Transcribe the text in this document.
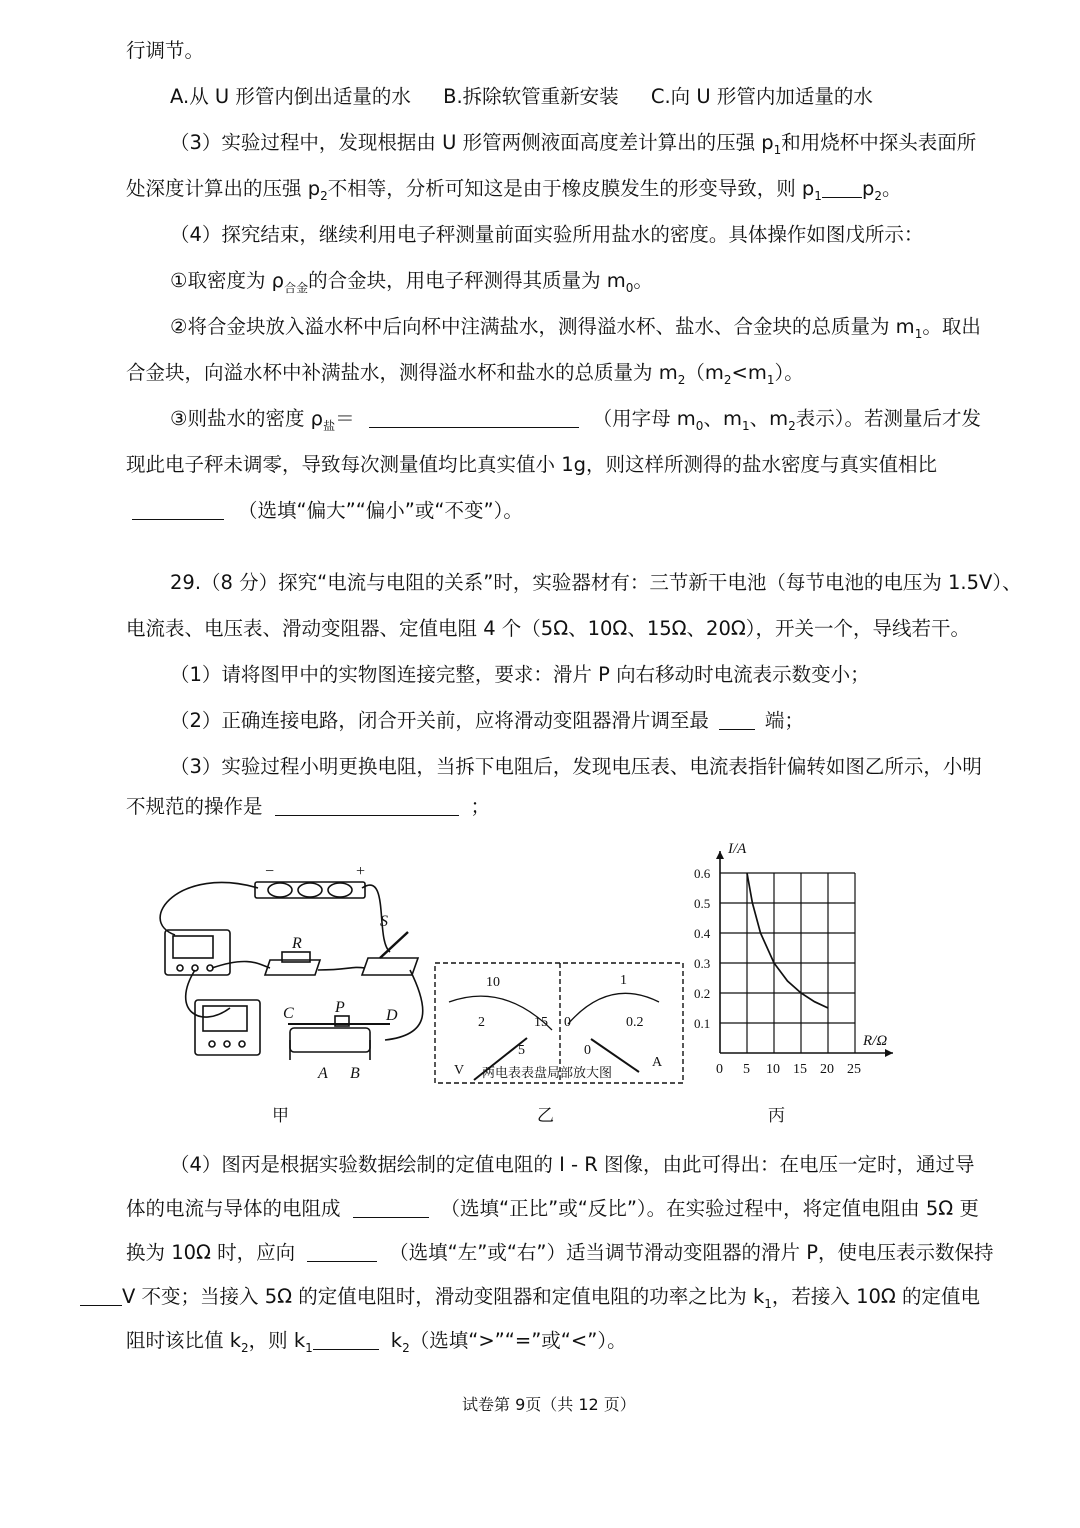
行调节。
A.从 U 形管内倒出适量的水 B.拆除软管重新安装 C.向 U 形管内加适量的水
（3）实验过程中，发现根据由 U 形管两侧液面高度差计算出的压强 $p_1$和用烧杯中探头表面所
处深度计算出的压强 $p_2$不相等，分析可知这是由于橡皮膜发生的形变导致，则 $p_1$ $p_2$。
（4）探究结束，继续利用电子秤测量前面实验所用盐水的密度。具体操作如图戊所示：
①取密度为 $\rho_{合金}$的合金块，用电子秤测得其质量为 $m_0$。
②将合金块放入溢水杯中后向杯中注满盐水，测得溢水杯、盐水、合金块的总质量为 $m_1$。取出
合金块，向溢水杯中补满盐水，测得溢水杯和盐水的总质量为 $m_2(m_2<m_1)$。
③则盐水的密度 $\rho_盐=$	（用字母 $m_0$、$m_1$、$m_2$表示）。若测量后才发
现此电子秤未调零，导致每次测量值均比真实值小 1g，则这样所测得的盐水密度与真实值相比
（选填“偏大”“偏小”或“不变”）。
29.（8 分）探究“电流与电阻的关系”时，实验器材有：三节新干电池（每节电池的电压为 1.5V）、
电流表、电压表、滑动变阻器、定值电阻 4 个（5Ω、10Ω、15Ω、20Ω），开关一个，导线若干。
（1）请将图甲中的实物图连接完整，要求：滑片 P 向右移动时电流表示数变小；
（2）正确连接电路，闭合开关前，应将滑动变阻器滑片调至最	端；
（3）实验过程小明更换电阻，当拆下电阻后，发现电压表、电流表指针偏转如图乙所示，小明
不规范的操作是	；
−	+
S
R
P
C	D
A B
甲
10
2	15
5
V
1
0	0.2
0
A
两电表表盘局部放大图
乙
0 5 10 15 20 25
0.1
0.2
0.3
0.4
0.5
0.6
R/Ω
I/A
丙
（4）图丙是根据实验数据绘制的定值电阻的 I - R 图像，由此可得出：在电压一定时，通过导
体的电流与导体的电阻成	（选填“正比”或“反比”）。在实验过程中，将定值电阻由 5Ω 更
换为 10Ω 时，应向	（选填“左”或“右”）适当调节滑动变阻器的滑片 P，使电压表示数保持
V 不变；当接入 5Ω 的定值电阻时，滑动变阻器和定值电阻的功率之比为 $k_1$，若接入 10Ω 的定值电
阻时该比值 $k_2$，则 $k_1$	$k_2$（选填“>”“=”或“<”）。
试卷第 9页（共 12 页）
